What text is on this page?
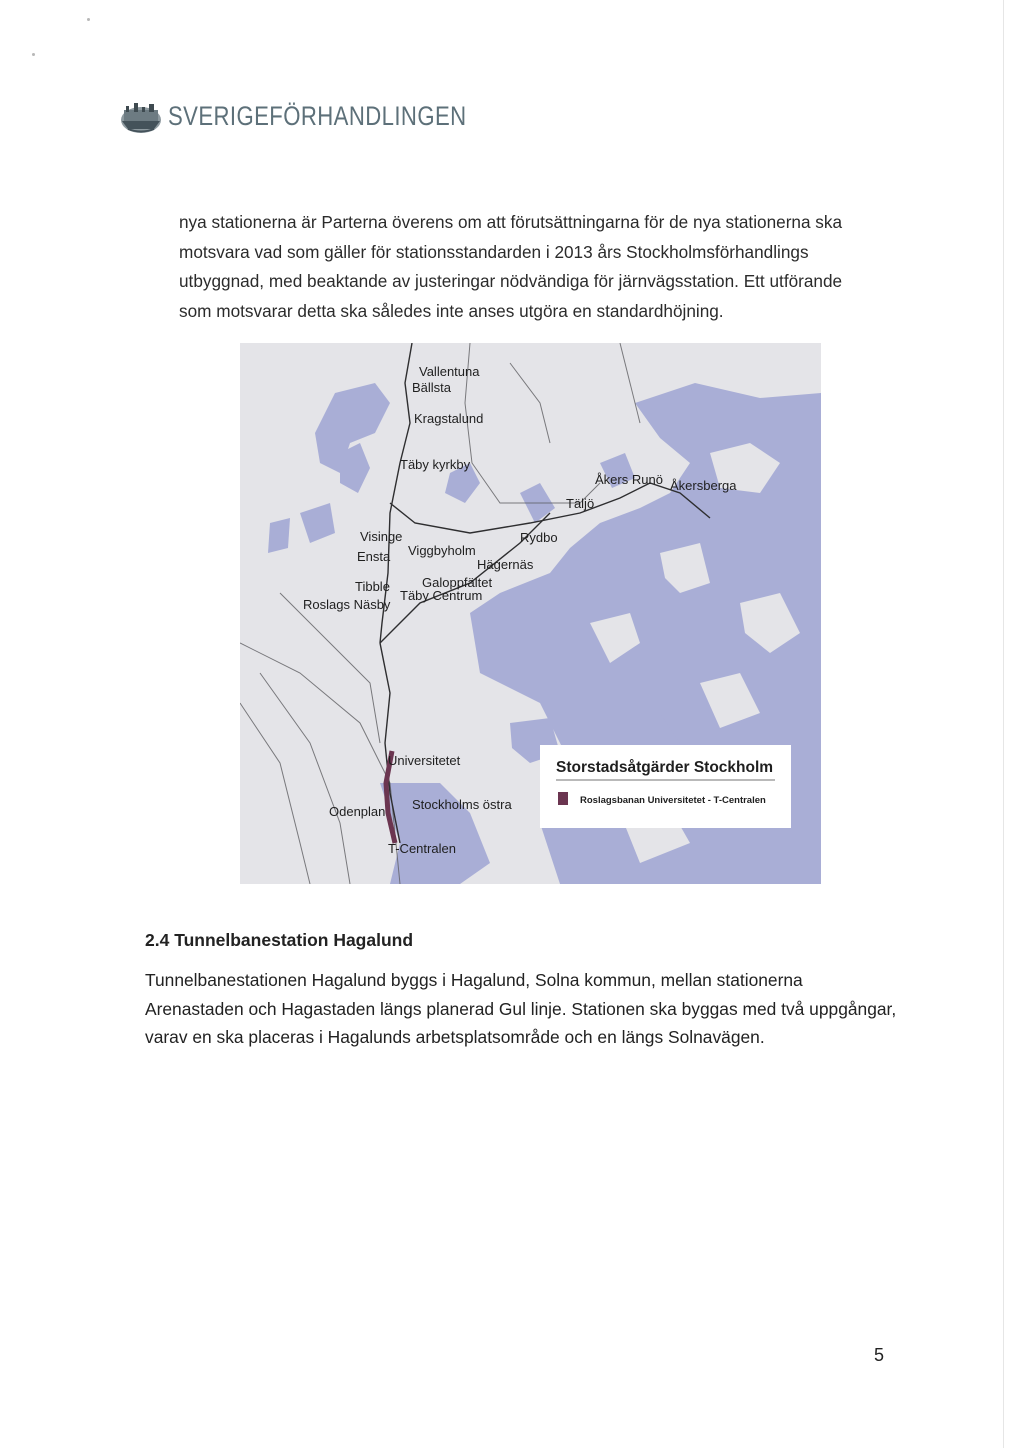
SVERIGEFÖRHANDLINGEN

nya stationerna är Parterna överens om att förutsättningarna för de nya stationerna ska motsvara vad som gäller för stationsstandarden i 2013 års Stockholmsförhandlings utbyggnad, med beaktande av justeringar nödvändiga för järnvägsstation. Ett utförande som motsvarar detta ska således inte anses utgöra en standardhöjning.

Vallentuna
Bällsta
Kragstalund
Täby kyrkby
Åkers Runö Åkersberga
Täljö
Rydbo
Visinge
Ensta Viggbyholm
Hägernäs
Galoppfältet
Tibble
Täby Centrum
Roslags Näsby
Universitetet
Odenplan Stockholms östra
T-Centralen
Storstadsåtgärder Stockholm
Roslagsbanan Universitetet - T-Centralen
2.4 Tunnelbanestation Hagalund

Tunnelbanestationen Hagalund byggs i Hagalund, Solna kommun, mellan stationerna Arenastaden och Hagastaden längs planerad Gul linje. Stationen ska byggas med två uppgångar, varav en ska placeras i Hagalunds arbetsplatsområde och en längs Solnavägen.

5
